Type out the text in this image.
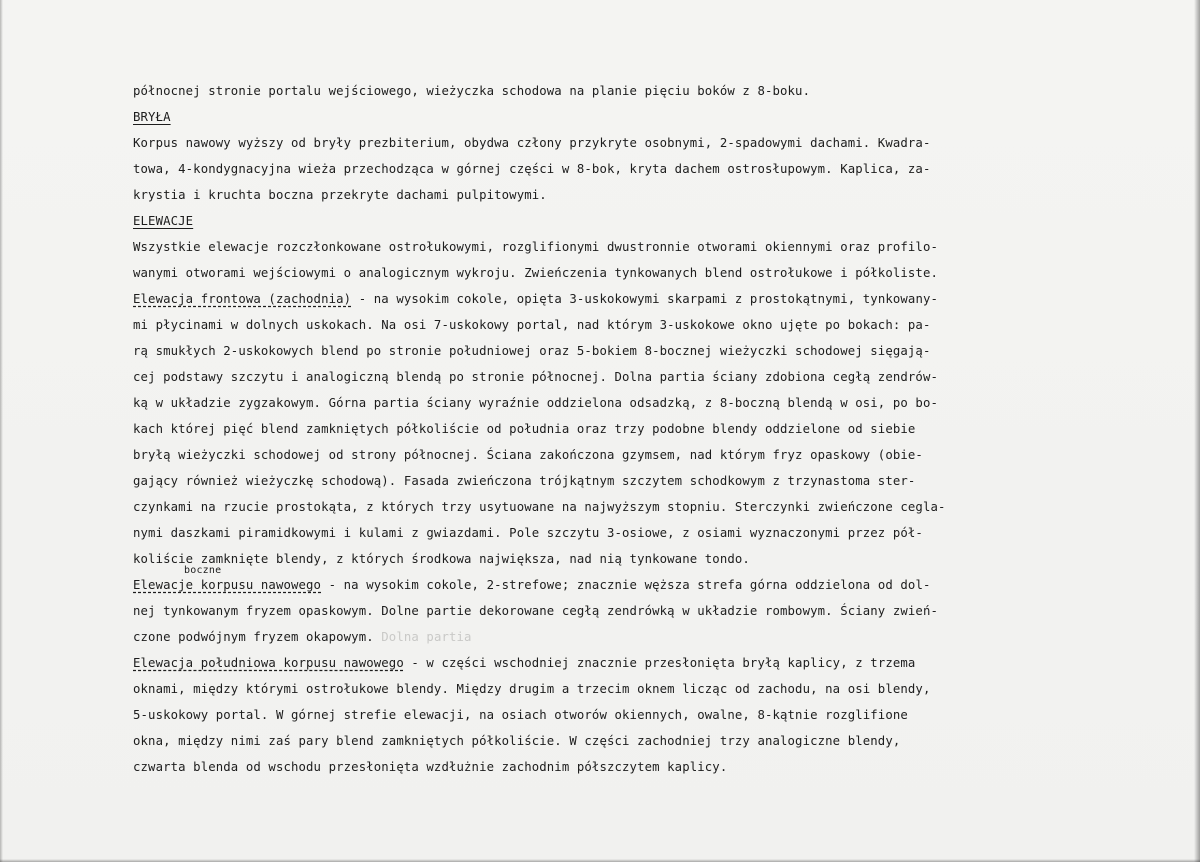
boczne
północnej stronie portalu wejściowego, wieżyczka schodowa na planie pięciu boków z 8-boku.
BRYŁA
Korpus nawowy wyższy od bryły prezbiterium, obydwa człony przykryte osobnymi, 2-spadowymi dachami. Kwadra-
towa, 4-kondygnacyjna wieża przechodząca w górnej części w 8-bok, kryta dachem ostrosłupowym. Kaplica, za-
krystia i kruchta boczna przekryte dachami pulpitowymi.
ELEWACJE
Wszystkie elewacje rozczłonkowane ostrołukowymi, rozglifionymi dwustronnie otworami okiennymi oraz profilo-
wanymi otworami wejściowymi o analogicznym wykroju. Zwieńczenia tynkowanych blend ostrołukowe i półkoliste.
Elewacja frontowa (zachodnia) - na wysokim cokole, opięta 3-uskokowymi skarpami z prostokątnymi, tynkowany-
mi płycinami w dolnych uskokach. Na osi 7-uskokowy portal, nad którym 3-uskokowe okno ujęte po bokach: pa-
rą smukłych 2-uskokowych blend po stronie południowej oraz 5-bokiem 8-bocznej wieżyczki schodowej sięgają-
cej podstawy szczytu i analogiczną blendą po stronie północnej. Dolna partia ściany zdobiona cegłą zendrów-
ką w układzie zygzakowym. Górna partia ściany wyraźnie oddzielona odsadzką, z 8-boczną blendą w osi, po bo-
kach której pięć blend zamkniętych półkoliście od południa oraz trzy podobne blendy oddzielone od siebie
bryłą wieżyczki schodowej od strony północnej. Ściana zakończona gzymsem, nad którym fryz opaskowy (obie-
gający również wieżyczkę schodową). Fasada zwieńczona trójkątnym szczytem schodkowym z trzynastoma ster-
czynkami na rzucie prostokąta, z których trzy usytuowane na najwyższym stopniu. Sterczynki zwieńczone cegla-
nymi daszkami piramidkowymi i kulami z gwiazdami. Pole szczytu 3-osiowe, z osiami wyznaczonymi przez pół-
koliście zamknięte blendy, z których środkowa największa, nad nią tynkowane tondo.
Elewacje korpusu nawowego - na wysokim cokole, 2-strefowe; znacznie węższa strefa górna oddzielona od dol-
nej tynkowanym fryzem opaskowym. Dolne partie dekorowane cegłą zendrówką w układzie rombowym. Ściany zwień-
czone podwójnym fryzem okapowym. Dolna partia
Elewacja południowa korpusu nawowego - w części wschodniej znacznie przesłonięta bryłą kaplicy, z trzema
oknami, między którymi ostrołukowe blendy. Między drugim a trzecim oknem licząc od zachodu, na osi blendy,
5-uskokowy portal. W górnej strefie elewacji, na osiach otworów okiennych, owalne, 8-kątnie rozglifione
okna, między nimi zaś pary blend zamkniętych półkoliście. W części zachodniej trzy analogiczne blendy,
czwarta blenda od wschodu przesłonięta wzdłużnie zachodnim półszczytem kaplicy.
